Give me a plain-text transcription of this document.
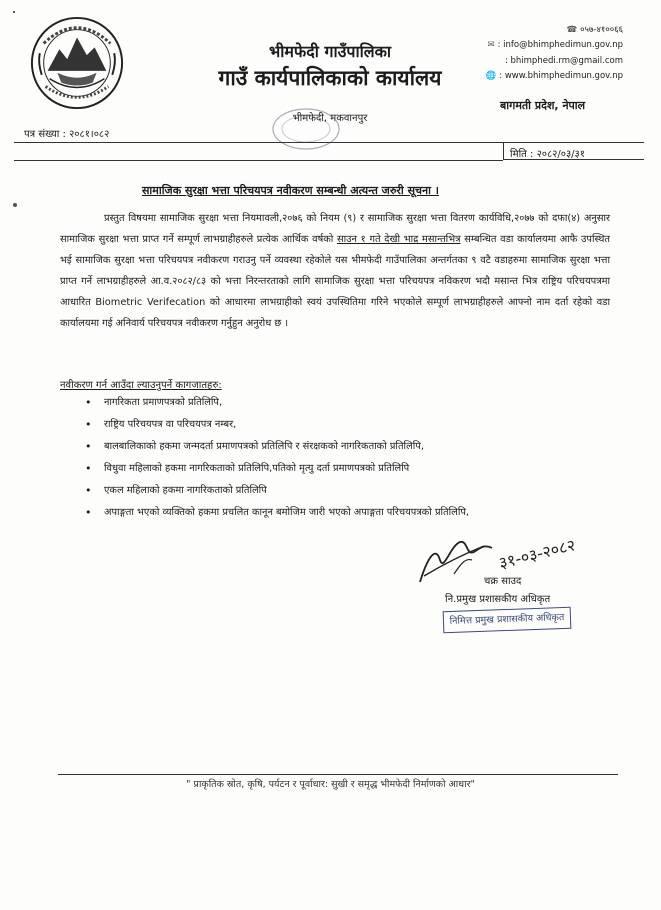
भीमफेदी गाउँपालिका
गाउँ कार्यपालिकाको कार्यालय
भीमफेदी, मकवानपुर
☎ ०५७-४१००६६
✉ : info@bhimphedimun.gov.np
: bhimphedi.rm@gmail.com
🌐 : www.bhimphedimun.gov.np
बागमती प्रदेश, नेपाल
पत्र संख्या : २०८१।०८२
मिति : २०८२/०३/३१
सामाजिक सुरक्षा भत्ता परिचयपत्र नवीकरण सम्बन्धी अत्यन्त जरुरी सूचना ।
प्रस्तुत विषयमा सामाजिक सुरक्षा भत्ता नियमावली,२०७६ को नियम (९) र सामाजिक सुरक्षा भत्ता वितरण कार्यविधि,२०७७ को दफा(४) अनुसार सामाजिक सुरक्षा भत्ता प्राप्त गर्ने सम्पूर्ण लाभग्राहीहरुले प्रत्येक आर्थिक वर्षको साउन १ गते देखी भाद्र मसान्तभित्र सम्बन्धित वडा कार्यालयमा आफै उपस्थित भई सामाजिक सुरक्षा भत्ता परिचयपत्र नवीकरण गराउनु पर्ने व्यवस्था रहेकोले यस भीमफेदी गाउँपालिका अन्तर्गतका ९ वटै वडाहरुमा सामाजिक सुरक्षा भत्ता प्राप्त गर्ने लाभग्राहीहरुले आ.व.२०८२/८३ को भत्ता निरन्तरताको लागि सामाजिक सुरक्षा भत्ता परिचयपत्र नविकरण भदौ मसान्त भित्र राष्ट्रिय परिचयपत्रमा आधारित Biometric Verifecation को आधारमा लाभग्राहीको स्वयं उपस्थितिमा गरिने भएकोले सम्पूर्ण लाभग्राहीहरुले आफ्नो नाम दर्ता रहेको वडा कार्यालयमा गई अनिवार्य परिचयपत्र नवीकरण गर्नुहुन अनुरोध छ ।
नवीकरण गर्न आउँदा ल्याउनुपर्ने कागजातहरु:
• नागरिकता प्रमाणपत्रको प्रतिलिपि,
• राष्ट्रिय परिचयपत्र वा परिचयपत्र नम्बर,
• बालबालिकाको हकमा जन्मदर्ता प्रमाणपत्रको प्रतिलिपि र संरक्षकको नागरिकताको प्रतिलिपि,
• विधुवा महिलाको हकमा नागरिकताको प्रतिलिपि,पतिको मृत्यु दर्ता प्रमाणपत्रको प्रतिलिपि
• एकल महिलाको हकमा नागरिकताको प्रतिलिपि
• अपाङ्गता भएको व्यक्तिको हकमा प्रचलित कानून बमोजिम जारी भएको अपाङ्गता परिचयपत्रको प्रतिलिपि,
३१-०३-२०८२
चक्र साउद
नि.प्रमुख प्रशासकीय अधिकृत
निमित्त प्रमुख प्रशासकीय अधिकृत
" प्राकृतिक स्रोत, कृषि, पर्यटन र पूर्वाधार: सुखी र समृद्ध भीमफेदी निर्माणको आधार"
